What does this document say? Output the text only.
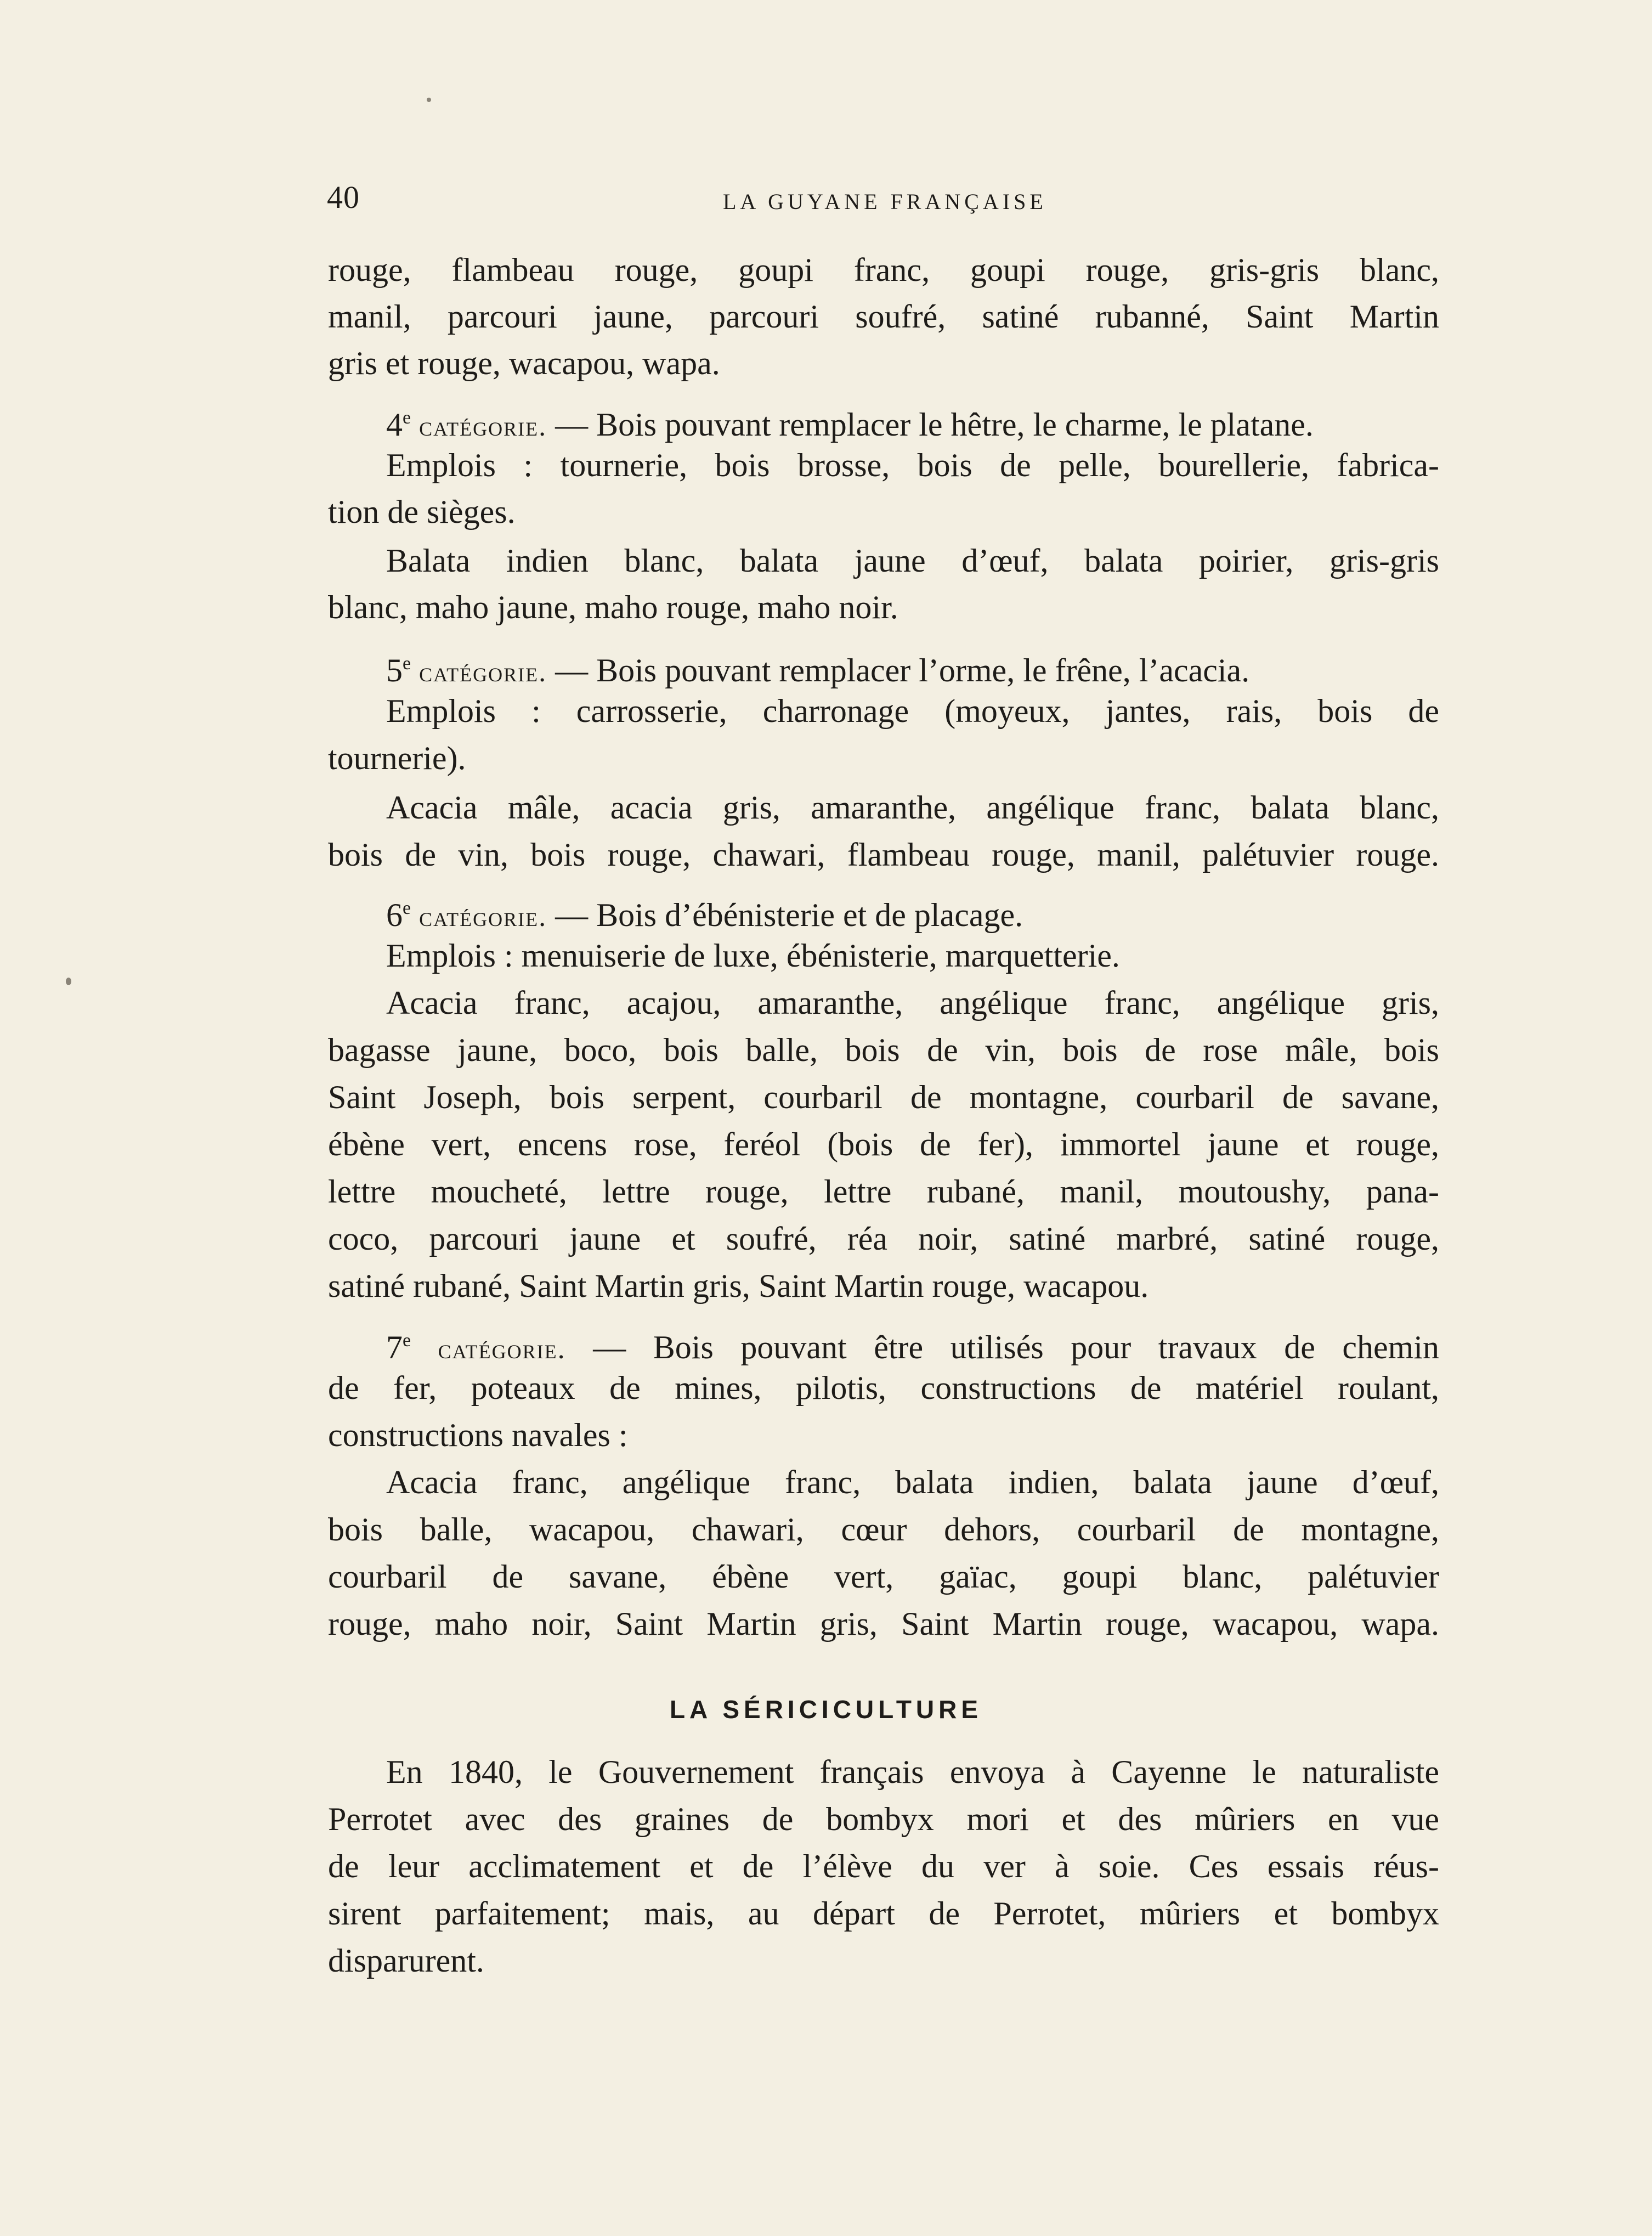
40	LA GUYANE FRANÇAISE
rouge, flambeau rouge, goupi franc, goupi rouge, gris-gris blanc,
manil, parcouri jaune, parcouri soufré, satiné rubanné, Saint Martin
gris et rouge, wacapou, wapa.
4e catégorie. — Bois pouvant remplacer le hêtre, le charme, le platane.
Emplois : tournerie, bois brosse, bois de pelle, bourellerie, fabrica-
tion de sièges.
Balata indien blanc, balata jaune d’œuf, balata poirier, gris-gris
blanc, maho jaune, maho rouge, maho noir.
5e catégorie. — Bois pouvant remplacer l’orme, le frêne, l’acacia.
Emplois : carrosserie, charronage (moyeux, jantes, rais, bois de
tournerie).
Acacia mâle, acacia gris, amaranthe, angélique franc, balata blanc,
bois de vin, bois rouge, chawari, flambeau rouge, manil, palétuvier rouge.
6e catégorie. — Bois d’ébénisterie et de placage.
Emplois : menuiserie de luxe, ébénisterie, marquetterie.
Acacia franc, acajou, amaranthe, angélique franc, angélique gris,
bagasse jaune, boco, bois balle, bois de vin, bois de rose mâle, bois
Saint Joseph, bois serpent, courbaril de montagne, courbaril de savane,
ébène vert, encens rose, feréol (bois de fer), immortel jaune et rouge,
lettre moucheté, lettre rouge, lettre rubané, manil, moutoushy, pana-
coco, parcouri jaune et soufré, réa noir, satiné marbré, satiné rouge,
satiné rubané, Saint Martin gris, Saint Martin rouge, wacapou.
7e catégorie. — Bois pouvant être utilisés pour travaux de chemin
de fer, poteaux de mines, pilotis, constructions de matériel roulant,
constructions navales :
Acacia franc, angélique franc, balata indien, balata jaune d’œuf,
bois balle, wacapou, chawari, cœur dehors, courbaril de montagne,
courbaril de savane, ébène vert, gaïac, goupi blanc, palétuvier
rouge, maho noir, Saint Martin gris, Saint Martin rouge, wacapou, wapa.
LA SÉRICICULTURE
En 1840, le Gouvernement français envoya à Cayenne le naturaliste
Perrotet avec des graines de bombyx mori et des mûriers en vue
de leur acclimatement et de l’élève du ver à soie. Ces essais réus-
sirent parfaitement; mais, au départ de Perrotet, mûriers et bombyx
disparurent.
